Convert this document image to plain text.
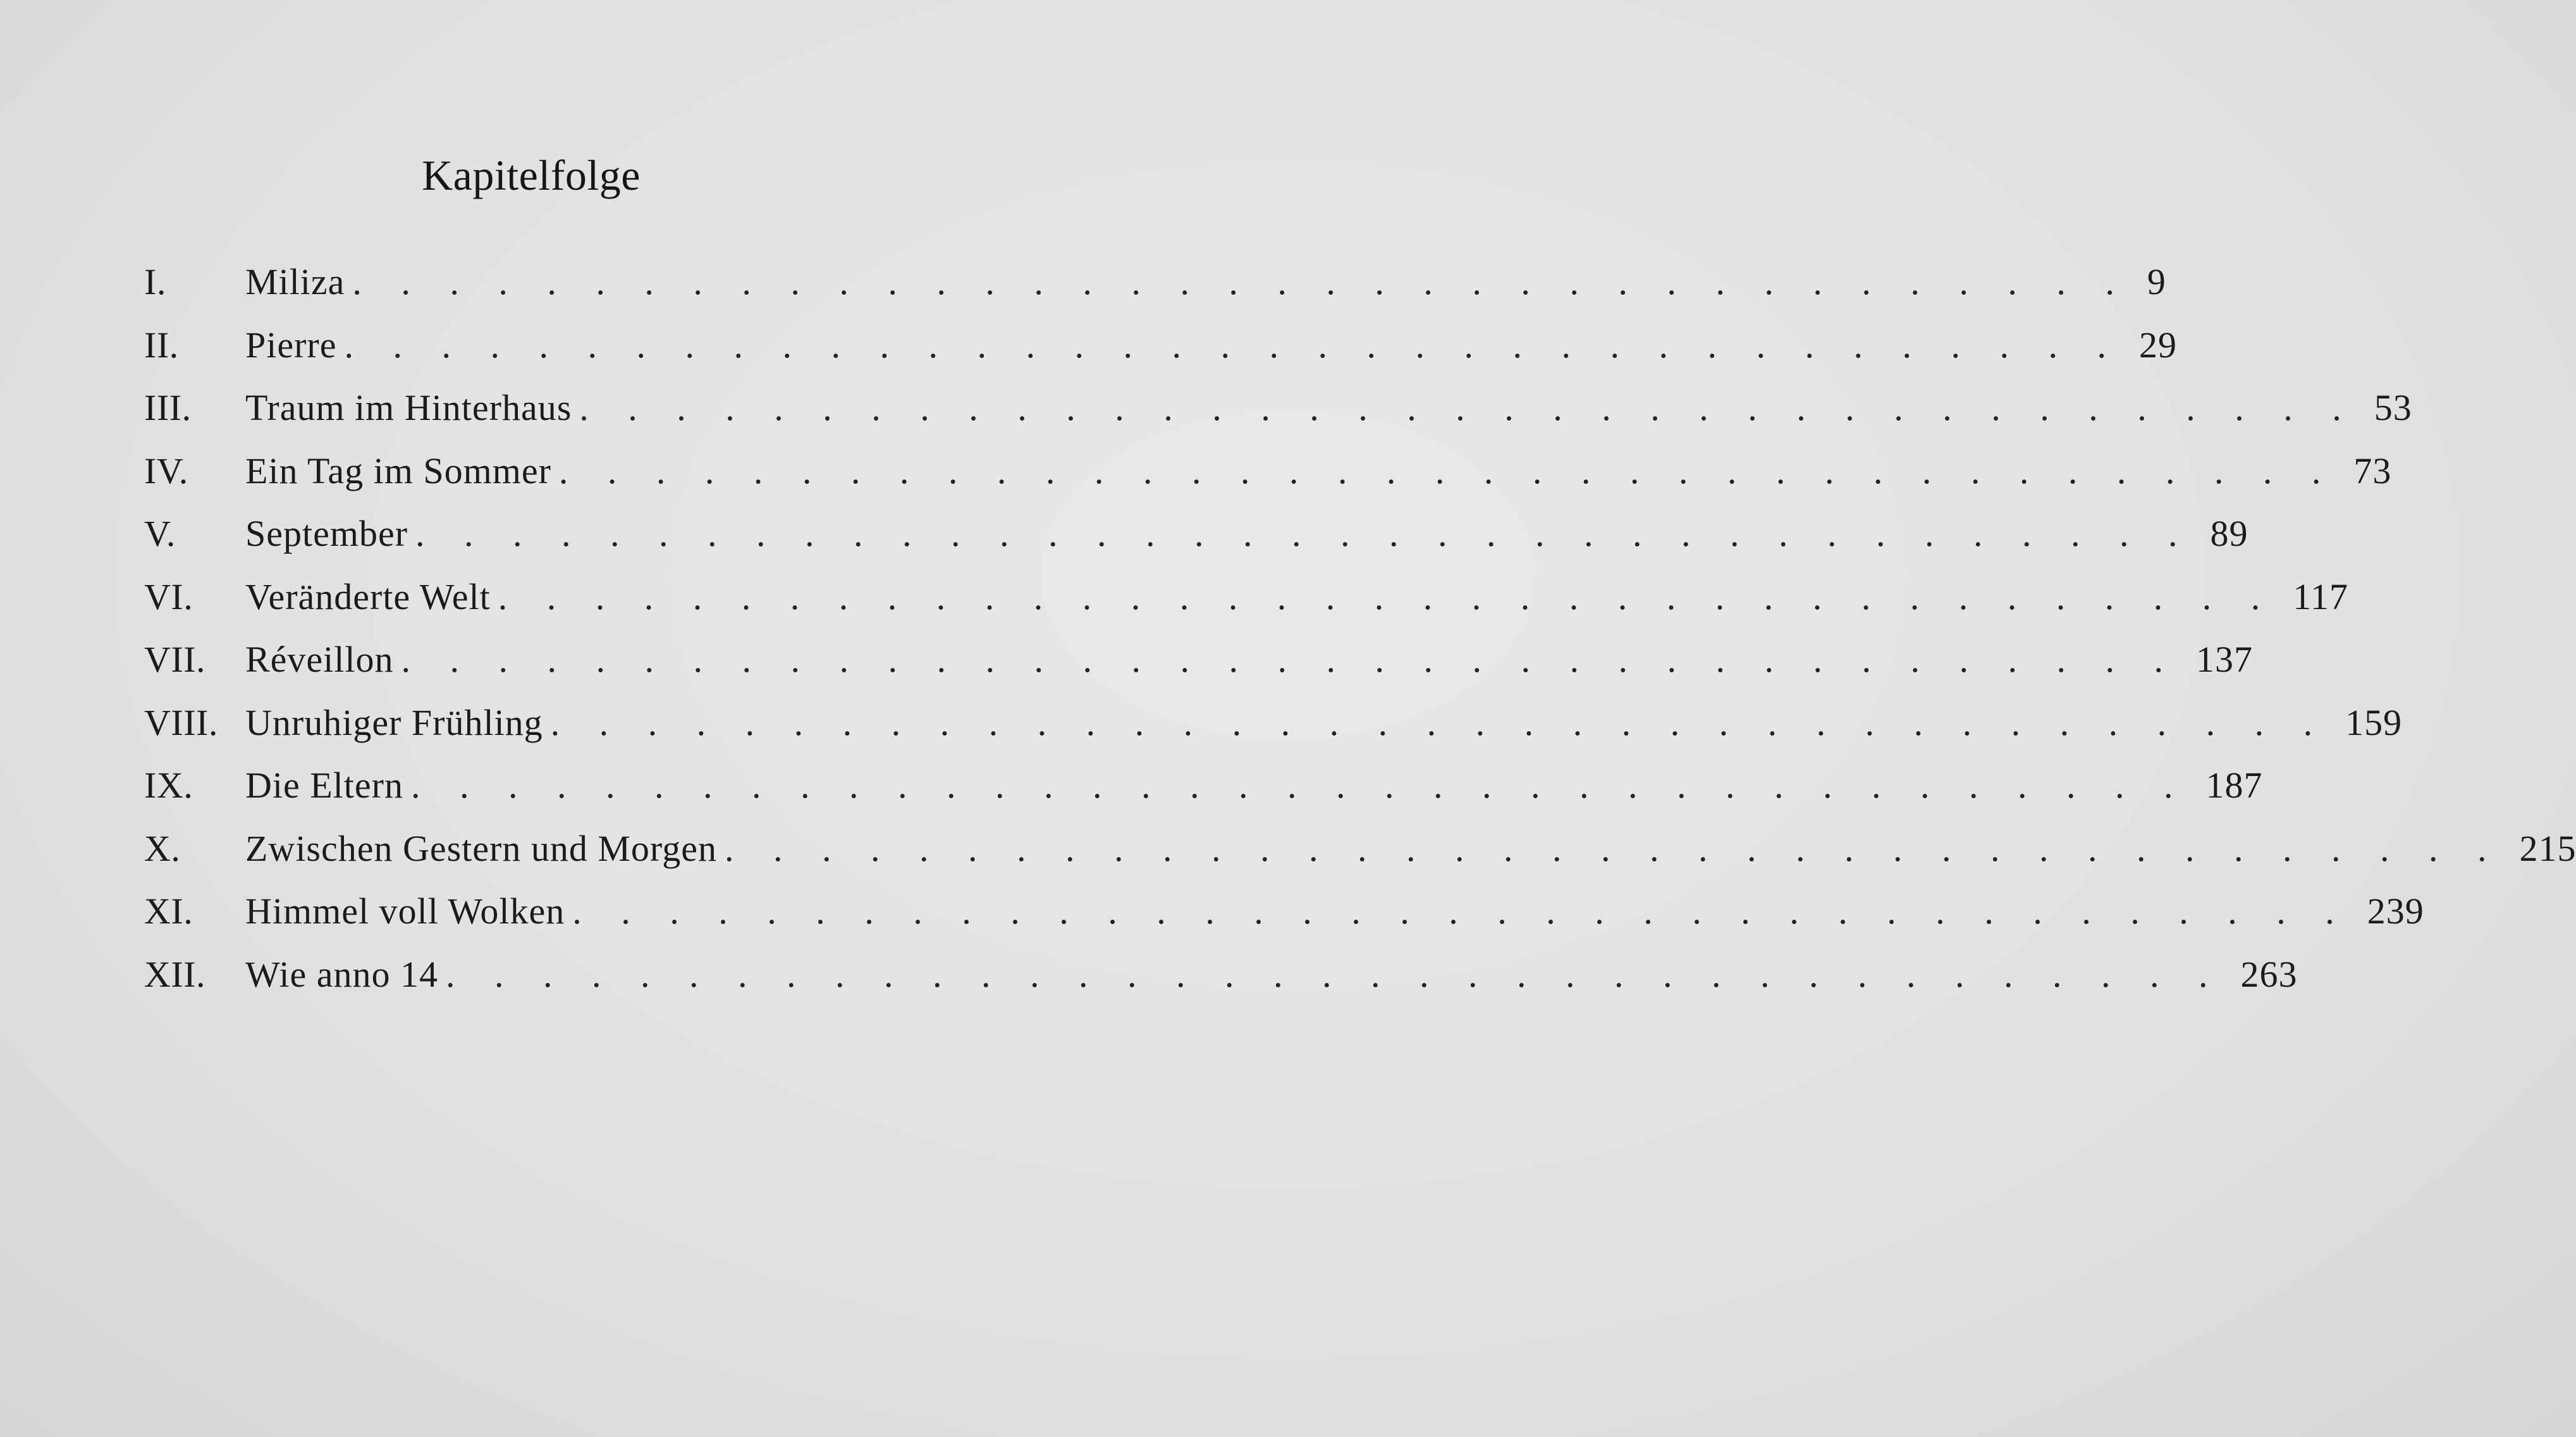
Kapitelfolge
I. Miliza . . . . . . . . . . . . . . . . . . . . . . . . . . . . . . . . . . . . . 9
II. Pierre . . . . . . . . . . . . . . . . . . . . . . . . . . . . . . . . . . . . . 29
III. Traum im Hinterhaus . . . . . . . . . . . . . . . . . . . . . . . . . . . . . . . . . . . . . 53
IV. Ein Tag im Sommer . . . . . . . . . . . . . . . . . . . . . . . . . . . . . . . . . . . . . 73
V. September . . . . . . . . . . . . . . . . . . . . . . . . . . . . . . . . . . . . . 89
VI. Veränderte Welt . . . . . . . . . . . . . . . . . . . . . . . . . . . . . . . . . . . . . 117
VII. Réveillon . . . . . . . . . . . . . . . . . . . . . . . . . . . . . . . . . . . . . 137
VIII. Unruhiger Frühling . . . . . . . . . . . . . . . . . . . . . . . . . . . . . . . . . . . . . 159
IX. Die Eltern . . . . . . . . . . . . . . . . . . . . . . . . . . . . . . . . . . . . . 187
X. Zwischen Gestern und Morgen . . . . . . . . . . . . . . . . . . . . . . . . . . . . . . . . . . . . . 215
XI. Himmel voll Wolken . . . . . . . . . . . . . . . . . . . . . . . . . . . . . . . . . . . . . 239
XII. Wie anno 14 . . . . . . . . . . . . . . . . . . . . . . . . . . . . . . . . . . . . . 263
